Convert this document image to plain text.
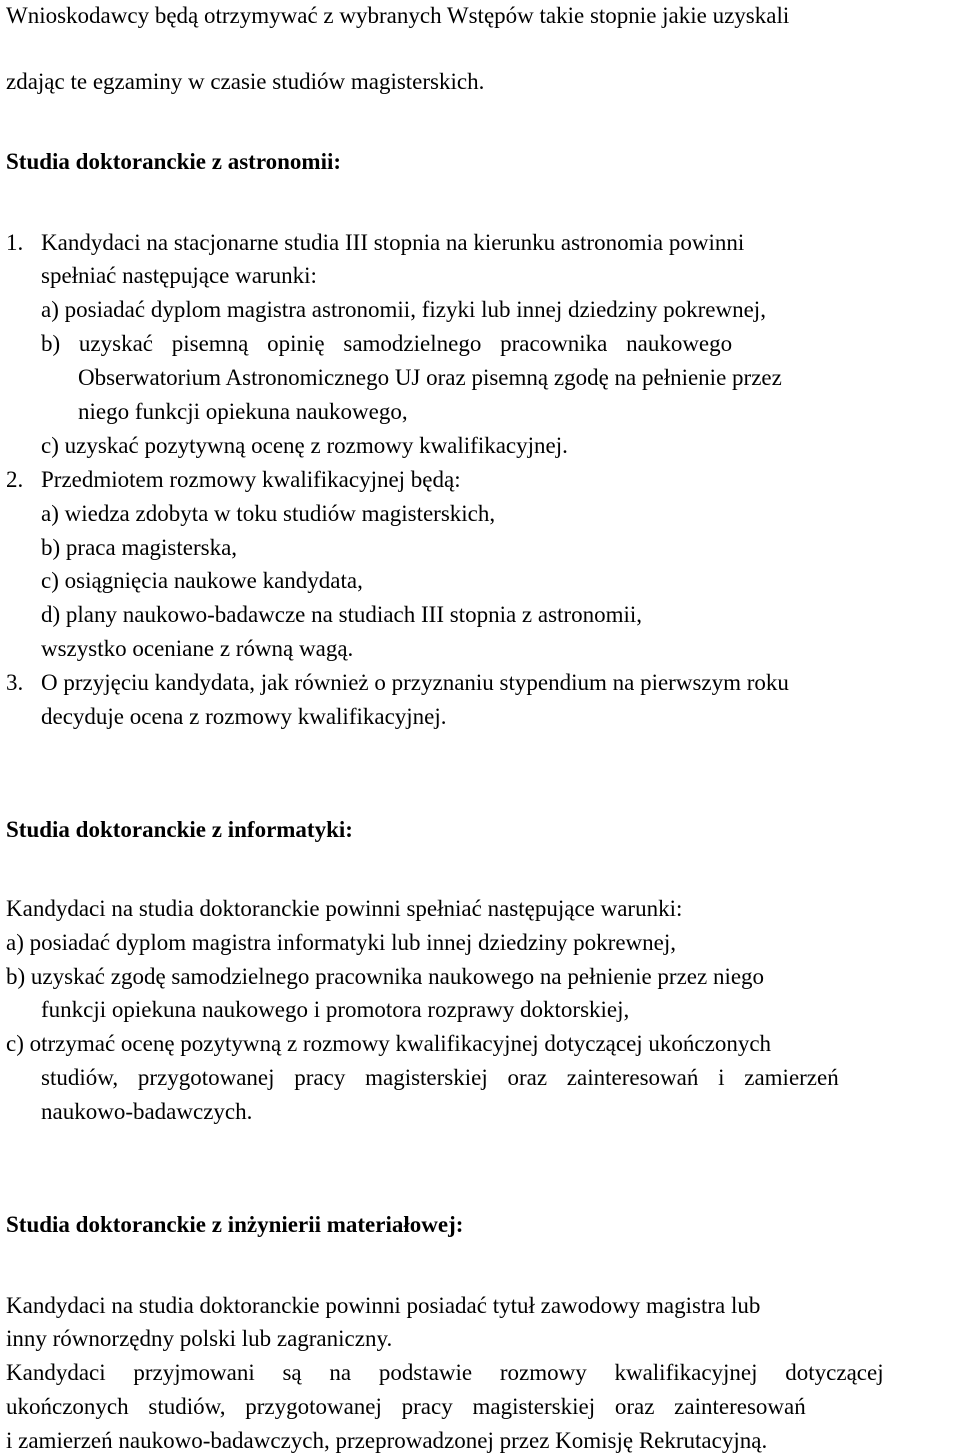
Wnioskodawcy będą otrzymywać z wybranych Wstępów takie stopnie jakie uzyskali
zdając te egzaminy w czasie studiów magisterskich.
Studia doktoranckie z astronomii:
1. Kandydaci na stacjonarne studia III stopnia na kierunku astronomia powinni
spełniać następujące warunki:
a) posiadać dyplom magistra astronomii, fizyki lub innej dziedziny pokrewnej,
b) uzyskać pisemną opinię samodzielnego pracownika naukowego
Obserwatorium Astronomicznego UJ oraz pisemną zgodę na pełnienie przez
niego funkcji opiekuna naukowego,
c) uzyskać pozytywną ocenę z rozmowy kwalifikacyjnej.
2. Przedmiotem rozmowy kwalifikacyjnej będą:
a) wiedza zdobyta w toku studiów magisterskich,
b) praca magisterska,
c) osiągnięcia naukowe kandydata,
d) plany naukowo-badawcze na studiach III stopnia z astronomii,
wszystko oceniane z równą wagą.
3. O przyjęciu kandydata, jak również o przyznaniu stypendium na pierwszym roku
decyduje ocena z rozmowy kwalifikacyjnej.
Studia doktoranckie z informatyki:
Kandydaci na studia doktoranckie powinni spełniać następujące warunki:
a) posiadać dyplom magistra informatyki lub innej dziedziny pokrewnej,
b) uzyskać zgodę samodzielnego pracownika naukowego na pełnienie przez niego
funkcji opiekuna naukowego i promotora rozprawy doktorskiej,
c) otrzymać ocenę pozytywną z rozmowy kwalifikacyjnej dotyczącej ukończonych
studiów, przygotowanej pracy magisterskiej oraz zainteresowań i zamierzeń
naukowo-badawczych.
Studia doktoranckie z inżynierii materiałowej:
Kandydaci na studia doktoranckie powinni posiadać tytuł zawodowy magistra lub
inny równorzędny polski lub zagraniczny.
Kandydaci przyjmowani są na podstawie rozmowy kwalifikacyjnej dotyczącej
ukończonych studiów, przygotowanej pracy magisterskiej oraz zainteresowań
i zamierzeń naukowo-badawczych, przeprowadzonej przez Komisję Rekrutacyjną.
